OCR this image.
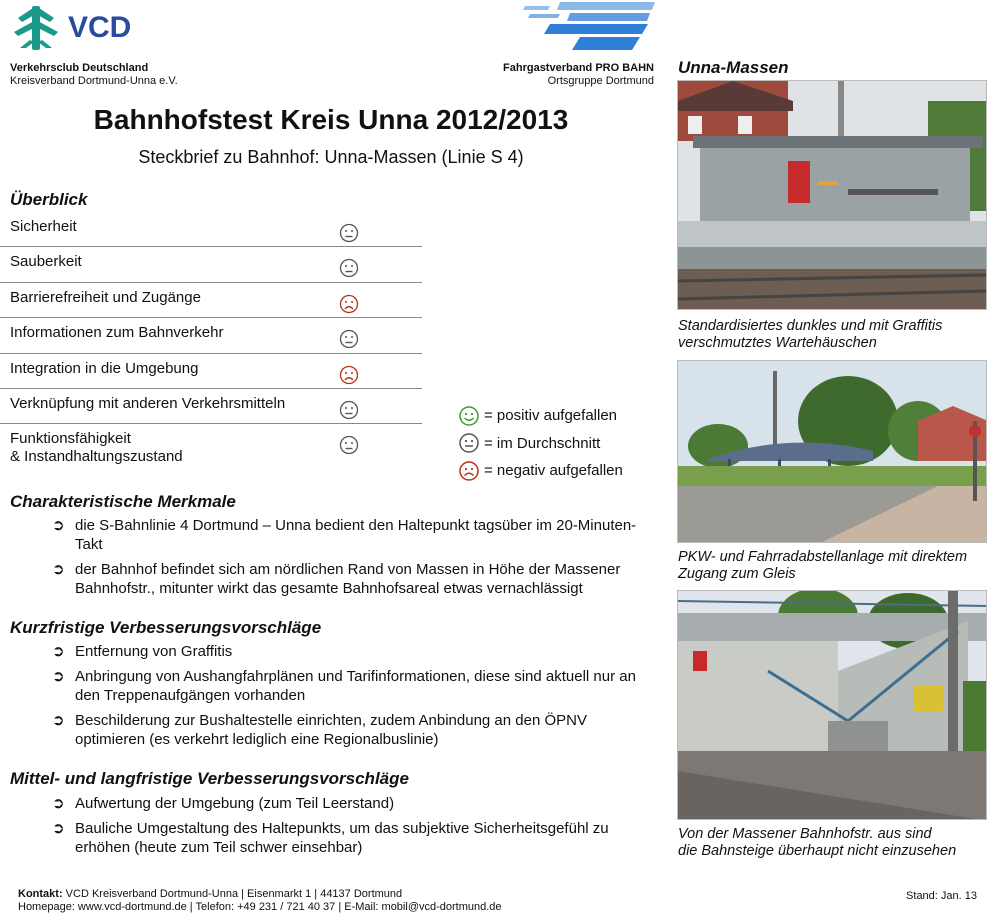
VCD
Verkehrsclub Deutschland
Kreisverband Dortmund-Unna e.V.
Fahrgastverband PRO BAHN
Ortsgruppe Dortmund
Bahnhofstest Kreis Unna 2012/2013
Steckbrief zu Bahnhof: Unna-Massen (Linie S 4)
Überblick
Sicherheit
Sauberkeit
Barrierefreiheit und Zugänge
Informationen zum Bahnverkehr
Integration in die Umgebung
Verknüpfung mit anderen Verkehrsmitteln
Funktionsfähigkeit
& Instandhaltungszustand
= positiv aufgefallen
= im Durchschnitt
= negativ aufgefallen
Charakteristische Merkmale
➲ die S-Bahnlinie 4 Dortmund – Unna bedient den Haltepunkt tagsüber im 20-Minuten-Takt
➲ der Bahnhof befindet sich am nördlichen Rand von Massen in Höhe der Massener Bahnhofstr., mitunter wirkt das gesamte Bahnhofsareal etwas vernachlässigt
Kurzfristige Verbesserungsvorschläge
➲ Entfernung von Graffitis
➲ Anbringung von Aushangfahrplänen und Tarifinformationen, diese sind aktuell nur an den Treppenaufgängen vorhanden
➲ Beschilderung zur Bushaltestelle einrichten, zudem Anbindung an den ÖPNV optimieren (es verkehrt lediglich eine Regionalbuslinie)
Mittel- und langfristige Verbesserungsvorschläge
➲ Aufwertung der Umgebung (zum Teil Leerstand)
➲ Bauliche Umgestaltung des Haltepunkts, um das subjektive Sicherheitsgefühl zu erhöhen (heute zum Teil schwer einsehbar)
Unna-Massen
Standardisiertes dunkles und mit Graffitis verschmutztes Wartehäuschen
PKW- und Fahrradabstellanlage mit direktem
Zugang zum Gleis
Von der Massener Bahnhofstr. aus sind
die Bahnsteige überhaupt nicht einzusehen
Kontakt: VCD Kreisverband Dortmund-Unna | Eisenmarkt 1 | 44137 Dortmund
Homepage: www.vcd-dortmund.de | Telefon: +49 231 / 721 40 37 | E-Mail: mobil@vcd-dortmund.de
Stand: Jan. 13
